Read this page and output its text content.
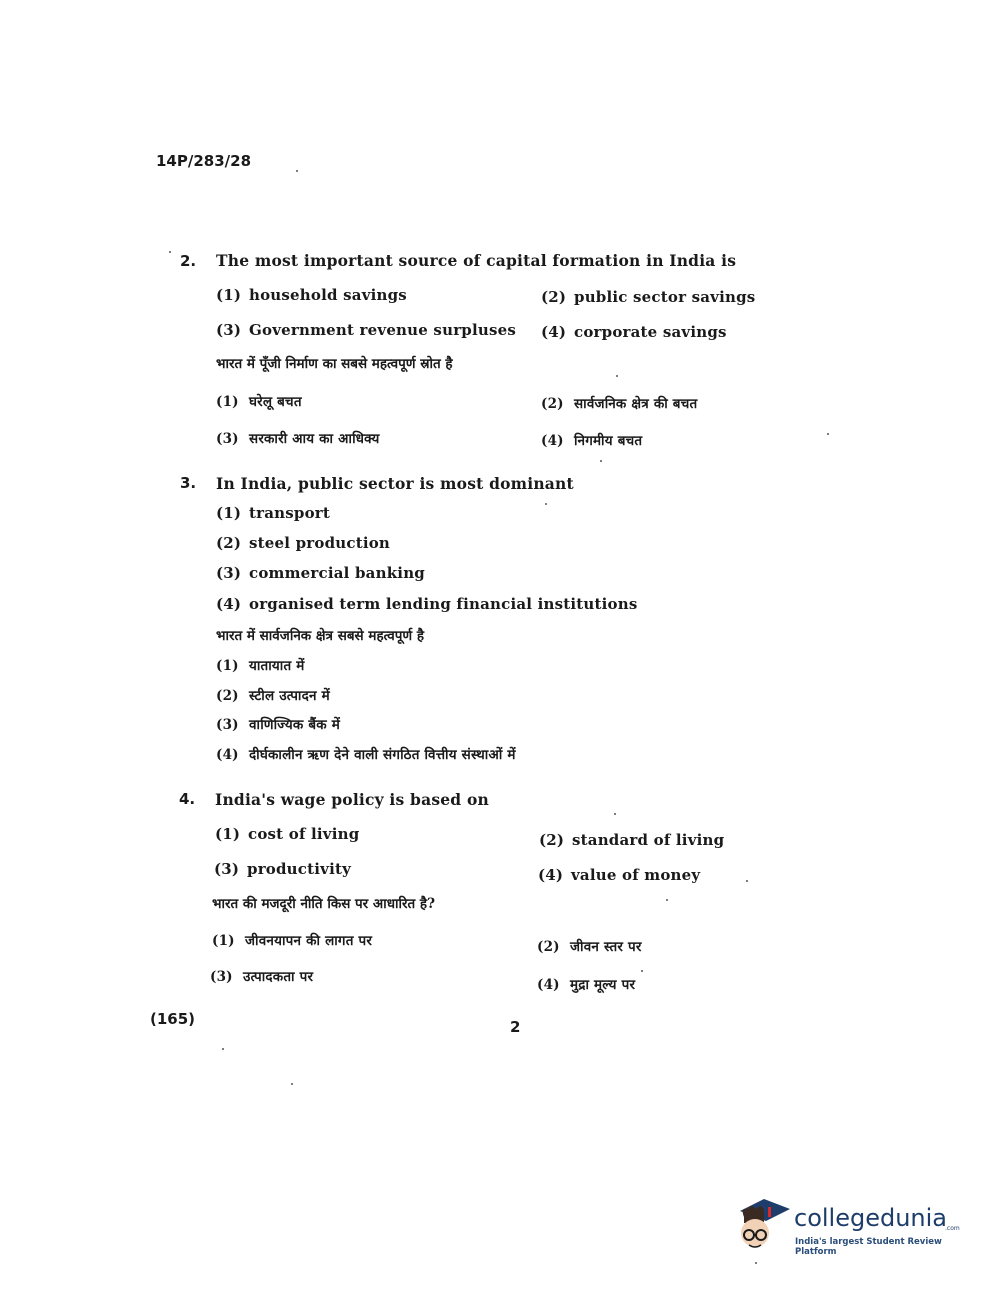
14P/283/28
2. The most important source of capital formation in India is
(1) household savings	(2) public sector savings
(3) Government revenue surpluses (4) corporate savings
भारत में पूँजी निर्माण का सबसे महत्वपूर्ण स्रोत है
(1) घरेलू बचत	(2) सार्वजनिक क्षेत्र की बचत
(3) सरकारी आय का आधिक्य	(4) निगमीय बचत
3. In India, public sector is most dominant
(1) transport
(2) steel production
(3) commercial banking
(4) organised term lending financial institutions
भारत में सार्वजनिक क्षेत्र सबसे महत्वपूर्ण है
(1) यातायात में
(2) स्टील उत्पादन में
(3) वाणिज्यिक बैंक में
(4) दीर्घकालीन ऋण देने वाली संगठित वित्तीय संस्थाओं में
4. India's wage policy is based on
(1) cost of living	(2) standard of living
(3) productivity	(4) value of money
भारत की मजदूरी नीति किस पर आधारित है?
(1) जीवनयापन की लागत पर	(2) जीवन स्तर पर
(3) उत्पादकता पर	(4) मुद्रा मूल्य पर
(165)	2
collegedunia
.com
India's largest Student Review Platform
